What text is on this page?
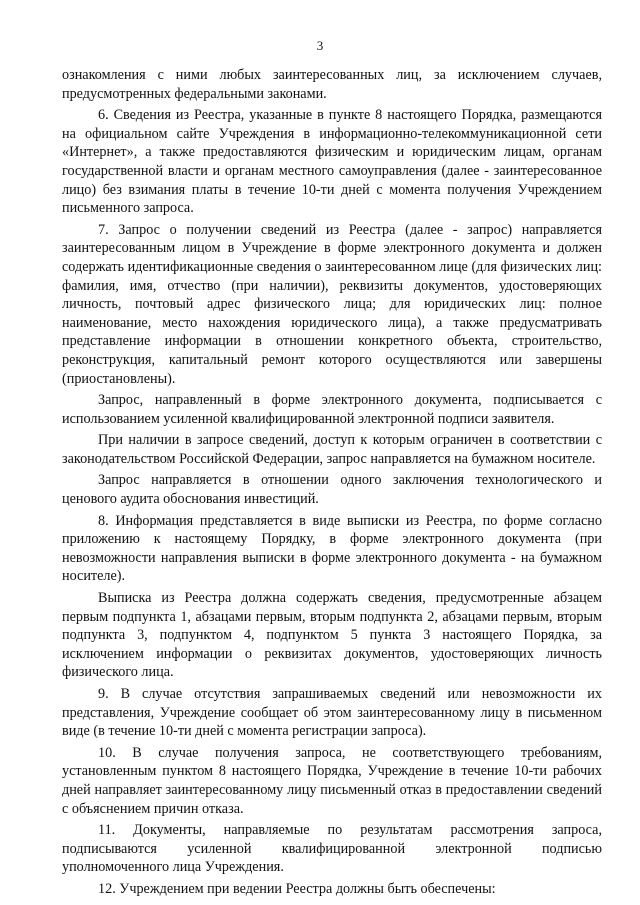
3

ознакомления с ними любых заинтересованных лиц, за исключением случаев, предусмотренных федеральными законами.

6. Сведения из Реестра, указанные в пункте 8 настоящего Порядка, размещаются на официальном сайте Учреждения в информационно-телекоммуникационной сети «Интернет», а также предоставляются физическим и юридическим лицам, органам государственной власти и органам местного самоуправления (далее - заинтересованное лицо) без взимания платы в течение 10-ти дней с момента получения Учреждением письменного запроса.

7. Запрос о получении сведений из Реестра (далее - запрос) направляется заинтересованным лицом в Учреждение в форме электронного документа и должен содержать идентификационные сведения о заинтересованном лице (для физических лиц: фамилия, имя, отчество (при наличии), реквизиты документов, удостоверяющих личность, почтовый адрес физического лица; для юридических лиц: полное наименование, место нахождения юридического лица), а также предусматривать представление информации в отношении конкретного объекта, строительство, реконструкция, капитальный ремонт которого осуществляются или завершены (приостановлены).

Запрос, направленный в форме электронного документа, подписывается с использованием усиленной квалифицированной электронной подписи заявителя.

При наличии в запросе сведений, доступ к которым ограничен в соответствии с законодательством Российской Федерации, запрос направляется на бумажном носителе.

Запрос направляется в отношении одного заключения технологического и ценового аудита обоснования инвестиций.

8. Информация представляется в виде выписки из Реестра, по форме согласно приложению к настоящему Порядку, в форме электронного документа (при невозможности направления выписки в форме электронного документа - на бумажном носителе).

Выписка из Реестра должна содержать сведения, предусмотренные абзацем первым подпункта 1, абзацами первым, вторым подпункта 2, абзацами первым, вторым подпункта 3, подпунктом 4, подпунктом 5 пункта 3 настоящего Порядка, за исключением информации о реквизитах документов, удостоверяющих личность физического лица.

9. В случае отсутствия запрашиваемых сведений или невозможности их представления, Учреждение сообщает об этом заинтересованному лицу в письменном виде (в течение 10-ти дней с момента регистрации запроса).

10. В случае получения запроса, не соответствующего требованиям, установленным пунктом 8 настоящего Порядка, Учреждение в течение 10-ти рабочих дней направляет заинтересованному лицу письменный отказ в предоставлении сведений с объяснением причин отказа.

11. Документы, направляемые по результатам рассмотрения запроса, подписываются усиленной квалифицированной электронной подписью уполномоченного лица Учреждения.

12. Учреждением при ведении Реестра должны быть обеспечены:
